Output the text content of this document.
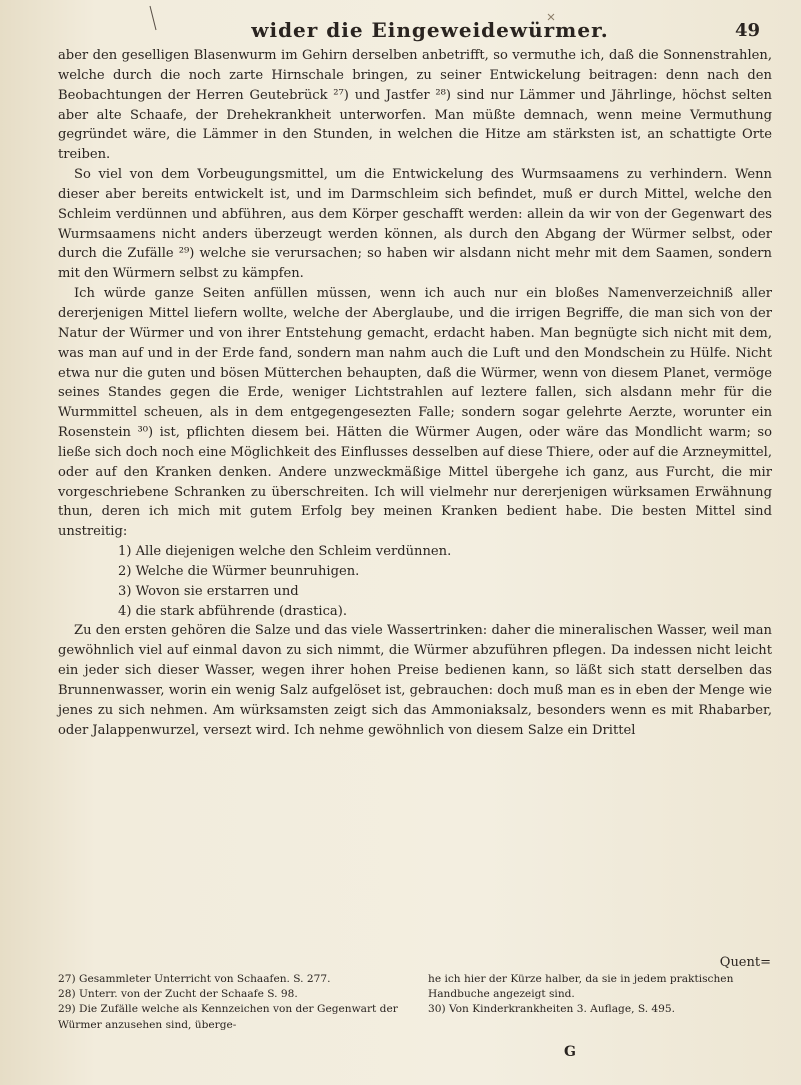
wider die Eingeweidewürmer.	49

aber den geselligen Blasenwurm im Gehirn derselben anbetrifft, so vermuthe ich, daß die Sonnenstrahlen, welche durch die noch zarte Hirnschale bringen, zu seiner Entwickelung beitragen: denn nach den Beobachtungen der Herren Geutebrück ²⁷) und Jastfer ²⁸) sind nur Lämmer und Jährlinge, höchst selten aber alte Schaafe, der Drehekrankheit unterworfen. Man müßte demnach, wenn meine Vermuthung gegründet wäre, die Lämmer in den Stunden, in welchen die Hitze am stärksten ist, an schattigte Orte treiben.

So viel von dem Vorbeugungsmittel, um die Entwickelung des Wurmsaamens zu verhindern. Wenn dieser aber bereits entwickelt ist, und im Darmschleim sich befindet, muß er durch Mittel, welche den Schleim verdünnen und abführen, aus dem Körper geschafft werden: allein da wir von der Gegenwart des Wurmsaamens nicht anders überzeugt werden können, als durch den Abgang der Würmer selbst, oder durch die Zufälle ²⁹) welche sie verursachen; so haben wir alsdann nicht mehr mit dem Saamen, sondern mit den Würmern selbst zu kämpfen.

Ich würde ganze Seiten anfüllen müssen, wenn ich auch nur ein bloßes Namenverzeichniß aller dererjenigen Mittel liefern wollte, welche der Aberglaube, und die irrigen Begriffe, die man sich von der Natur der Würmer und von ihrer Entstehung gemacht, erdacht haben. Man begnügte sich nicht mit dem, was man auf und in der Erde fand, sondern man nahm auch die Luft und den Mondschein zu Hülfe. Nicht etwa nur die guten und bösen Mütterchen behaupten, daß die Würmer, wenn von diesem Planet, vermöge seines Standes gegen die Erde, weniger Lichtstrahlen auf leztere fallen, sich alsdann mehr für die Wurmmittel scheuen, als in dem entgegengesezten Falle; sondern sogar gelehrte Aerzte, worunter ein Rosenstein ³⁰) ist, pflichten diesem bei. Hätten die Würmer Augen, oder wäre das Mondlicht warm; so ließe sich doch noch eine Möglichkeit des Einflusses desselben auf diese Thiere, oder auf die Arzneymittel, oder auf den Kranken denken. Andere unzweckmäßige Mittel übergehe ich ganz, aus Furcht, die mir vorgeschriebene Schranken zu überschreiten. Ich will vielmehr nur dererjenigen würksamen Erwähnung thun, deren ich mich mit gutem Erfolg bey meinen Kranken bedient habe. Die besten Mittel sind unstreitig:

1) Alle diejenigen welche den Schleim verdünnen.
2) Welche die Würmer beunruhigen.
3) Wovon sie erstarren und
4) die stark abführende (drastica).

Zu den ersten gehören die Salze und das viele Wassertrinken: daher die mineralischen Wasser, weil man gewöhnlich viel auf einmal davon zu sich nimmt, die Würmer abzuführen pflegen. Da indessen nicht leicht ein jeder sich dieser Wasser, wegen ihrer hohen Preise bedienen kann, so läßt sich statt derselben das Brunnenwasser, worin ein wenig Salz aufgelöset ist, gebrauchen: doch muß man es in eben der Menge wie jenes zu sich nehmen. Am würksamsten zeigt sich das Ammoniaksalz, besonders wenn es mit Rhabarber, oder Jalappenwurzel, versezt wird. Ich nehme gewöhnlich von diesem Salze ein Drittel

Quent=

27) Gesammleter Unterricht von Schaafen. S. 277.

28) Unterr. von der Zucht der Schaafe S. 98.

29) Die Zufälle welche als Kennzeichen von der Gegenwart der Würmer anzusehen sind, überge-

he ich hier der Kürze halber, da sie in jedem praktischen Handbuche angezeigt sind.

30) Von Kinderkrankheiten 3. Auflage, S. 495.

G
